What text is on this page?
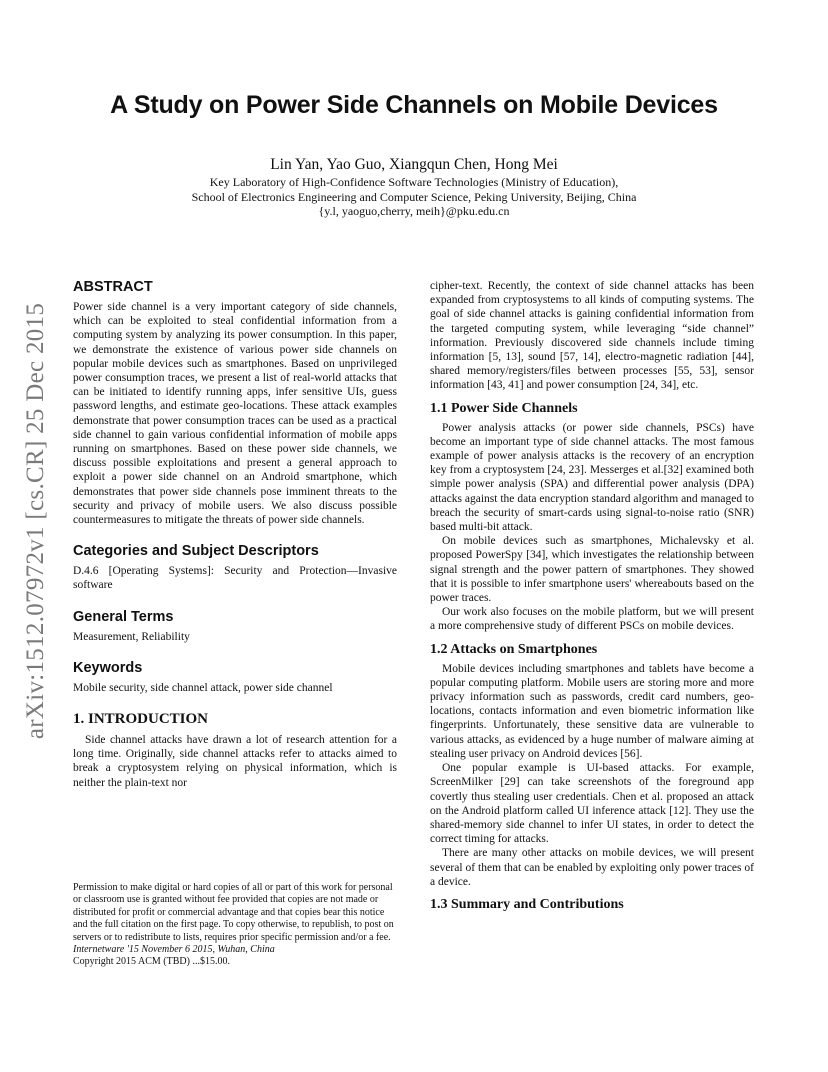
arXiv:1512.07972v1 [cs.CR] 25 Dec 2015
A Study on Power Side Channels on Mobile Devices
Lin Yan, Yao Guo, Xiangqun Chen, Hong Mei
Key Laboratory of High-Confidence Software Technologies (Ministry of Education),
School of Electronics Engineering and Computer Science, Peking University, Beijing, China
{y.l, yaoguo,cherry, meih}@pku.edu.cn
ABSTRACT

Power side channel is a very important category of side channels, which can be exploited to steal confidential information from a computing system by analyzing its power consumption. In this paper, we demonstrate the existence of various power side channels on popular mobile devices such as smartphones. Based on unprivileged power consumption traces, we present a list of real-world attacks that can be initiated to identify running apps, infer sensitive UIs, guess password lengths, and estimate geo-locations. These attack examples demonstrate that power consumption traces can be used as a practical side channel to gain various confidential information of mobile apps running on smartphones. Based on these power side channels, we discuss possible exploitations and present a general approach to exploit a power side channel on an Android smartphone, which demonstrates that power side channels pose imminent threats to the security and privacy of mobile users. We also discuss possible countermeasures to mitigate the threats of power side channels.

Categories and Subject Descriptors

D.4.6 [Operating Systems]: Security and Protection—Invasive software

General Terms

Measurement, Reliability

Keywords

Mobile security, side channel attack, power side channel

1. INTRODUCTION

Side channel attacks have drawn a lot of research attention for a long time. Originally, side channel attacks refer to attacks aimed to break a cryptosystem relying on physical information, which is neither the plain-text nor

Permission to make digital or hard copies of all or part of this work for personal or classroom use is granted without fee provided that copies are not made or distributed for profit or commercial advantage and that copies bear this notice and the full citation on the first page. To copy otherwise, to republish, to post on servers or to redistribute to lists, requires prior specific permission and/or a fee.

Internetware '15 November 6 2015, Wuhan, China

Copyright 2015 ACM (TBD) ...$15.00.

cipher-text. Recently, the context of side channel attacks has been expanded from cryptosystems to all kinds of computing systems. The goal of side channel attacks is gaining confidential information from the targeted computing system, while leveraging “side channel” information. Previously discovered side channels include timing information [5, 13], sound [57, 14], electro-magnetic radiation [44], shared memory/registers/files between processes [55, 53], sensor information [43, 41] and power consumption [24, 34], etc.

1.1 Power Side Channels

Power analysis attacks (or power side channels, PSCs) have become an important type of side channel attacks. The most famous example of power analysis attacks is the recovery of an encryption key from a cryptosystem [24, 23]. Messerges et al.[32] examined both simple power analysis (SPA) and differential power analysis (DPA) attacks against the data encryption standard algorithm and managed to breach the security of smart-cards using signal-to-noise ratio (SNR) based multi-bit attack.

On mobile devices such as smartphones, Michalevsky et al. proposed PowerSpy [34], which investigates the relationship between signal strength and the power pattern of smartphones. They showed that it is possible to infer smartphone users' whereabouts based on the power traces.

Our work also focuses on the mobile platform, but we will present a more comprehensive study of different PSCs on mobile devices.

1.2 Attacks on Smartphones

Mobile devices including smartphones and tablets have become a popular computing platform. Mobile users are storing more and more privacy information such as passwords, credit card numbers, geo-locations, contacts information and even biometric information like fingerprints. Unfortunately, these sensitive data are vulnerable to various attacks, as evidenced by a huge number of malware aiming at stealing user privacy on Android devices [56].

One popular example is UI-based attacks. For example, ScreenMilker [29] can take screenshots of the foreground app covertly thus stealing user credentials. Chen et al. proposed an attack on the Android platform called UI inference attack [12]. They use the shared-memory side channel to infer UI states, in order to detect the correct timing for attacks.

There are many other attacks on mobile devices, we will present several of them that can be enabled by exploiting only power traces of a device.

1.3 Summary and Contributions
